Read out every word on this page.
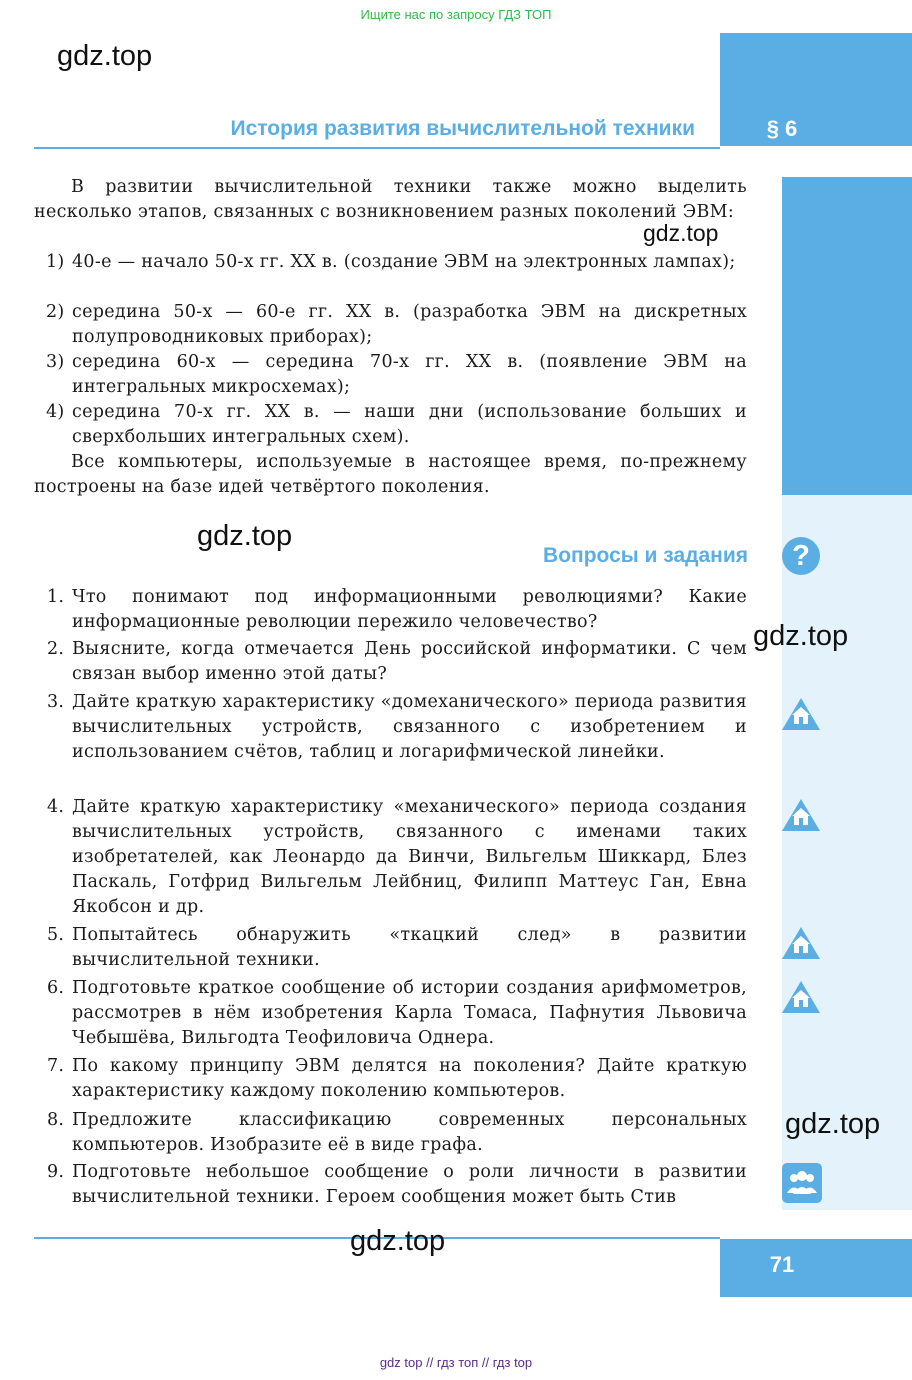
Ищите нас по запросу ГДЗ ТОП
§ 6
gdz.top
История развития вычислительной техники
В развитии вычислительной техники также можно выделить несколько этапов, связанных с возникновением разных поколений ЭВМ:
gdz.top
1) 40-е — начало 50-х гг. XX в. (создание ЭВМ на электронных лампах);
2) середина 50-х — 60-е гг. XX в. (разработка ЭВМ на дискретных полупроводниковых приборах);
3) середина 60-х — середина 70-х гг. XX в. (появление ЭВМ на интегральных микросхемах);
4) середина 70-х гг. XX в. — наши дни (использование больших и сверхбольших интегральных схем).
Все компьютеры, используемые в настоящее время, по-прежнему построены на базе идей четвёртого поколения.
gdz.top
Вопросы и задания	?
gdz.top
1. Что понимают под информационными революциями? Какие информационные революции пережило человечество?
2. Выясните, когда отмечается День российской информатики. С чем связан выбор именно этой даты?
3. Дайте краткую характеристику «домеханического» периода развития вычислительных устройств, связанного с изобретением и использованием счётов, таблиц и логарифмической линейки.
4. Дайте краткую характеристику «механического» периода создания вычислительных устройств, связанного с именами таких изобретателей, как Леонардо да Винчи, Вильгельм Шиккард, Блез Паскаль, Готфрид Вильгельм Лейбниц, Филипп Маттеус Ган, Евна Якобсон и др.
5. Попытайтесь обнаружить «ткацкий след» в развитии вычислительной техники.
6. Подготовьте краткое сообщение об истории создания арифмометров, рассмотрев в нём изобретения Карла Томаса, Пафнутия Львовича Чебышёва, Вильгодта Теофиловича Однера.
7. По какому принципу ЭВМ делятся на поколения? Дайте краткую характеристику каждому поколению компьютеров.
8. Предложите классификацию современных персональных компьютеров. Изобразите её в виде графа.
9. Подготовьте небольшое сообщение о роли личности в развитии вычислительной техники. Героем сообщения может быть Стив
gdz.top
gdz.top
71
gdz top // гдз топ // гдз top
